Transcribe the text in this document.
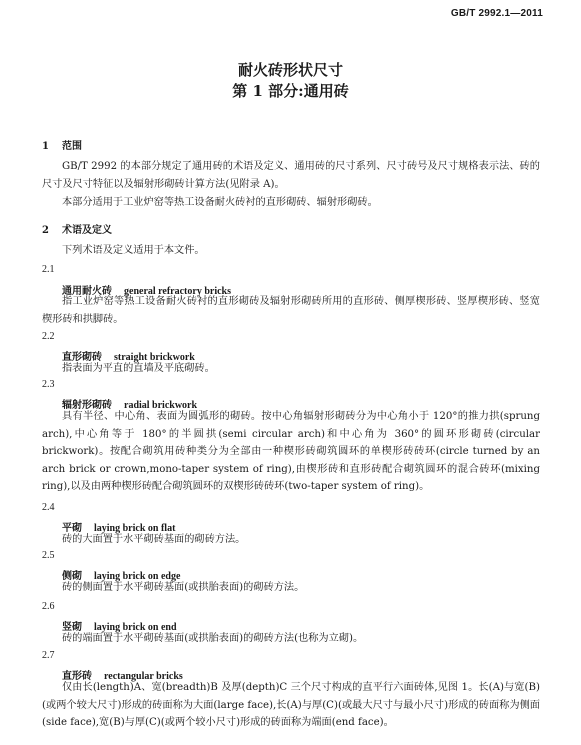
GB/T 2992.1—2011
耐火砖形状尺寸
第 1 部分:通用砖
1 范围
GB/T 2992 的本部分规定了通用砖的术语及定义、通用砖的尺寸系列、尺寸砖号及尺寸规格表示法、砖的尺寸及尺寸特征以及辐射形砌砖计算方法(见附录 A)。
本部分适用于工业炉窑等热工设备耐火砖衬的直形砌砖、辐射形砌砖。
2 术语及定义
下列术语及定义适用于本文件。
2.1
通用耐火砖 general refractory bricks
指工业炉窑等热工设备耐火砖衬的直形砌砖及辐射形砌砖所用的直形砖、侧厚楔形砖、竖厚楔形砖、竖宽楔形砖和拱脚砖。
2.2
直形砌砖 straight brickwork
指表面为平直的直墙及平底砌砖。
2.3
辐射形砌砖 radial brickwork
具有半径、中心角、表面为圆弧形的砌砖。按中心角辐射形砌砖分为中心角小于 120°的推力拱(sprung arch),中心角等于 180°的半圆拱(semi circular arch)和中心角为 360°的圆环形砌砖(circular brickwork)。按配合砌筑用砖种类分为全部由一种楔形砖砌筑圆环的单楔形砖砖环(circle turned by an arch brick or crown,mono-taper system of ring),由楔形砖和直形砖配合砌筑圆环的混合砖环(mixing ring),以及由两种楔形砖配合砌筑圆环的双楔形砖砖环(two-taper system of ring)。
2.4
平砌 laying brick on flat
砖的大面置于水平砌砖基面的砌砖方法。
2.5
侧砌 laying brick on edge
砖的侧面置于水平砌砖基面(或拱胎表面)的砌砖方法。
2.6
竖砌 laying brick on end
砖的端面置于水平砌砖基面(或拱胎表面)的砌砖方法(也称为立砌)。
2.7
直形砖 rectangular bricks
仅由长(length)A、宽(breadth)B 及厚(depth)C 三个尺寸构成的直平行六面砖体,见图 1。长(A)与宽(B)(或两个较大尺寸)形成的砖面称为大面(large face),长(A)与厚(C)(或最大尺寸与最小尺寸)形成的砖面称为侧面(side face),宽(B)与厚(C)(或两个较小尺寸)形成的砖面称为端面(end face)。
